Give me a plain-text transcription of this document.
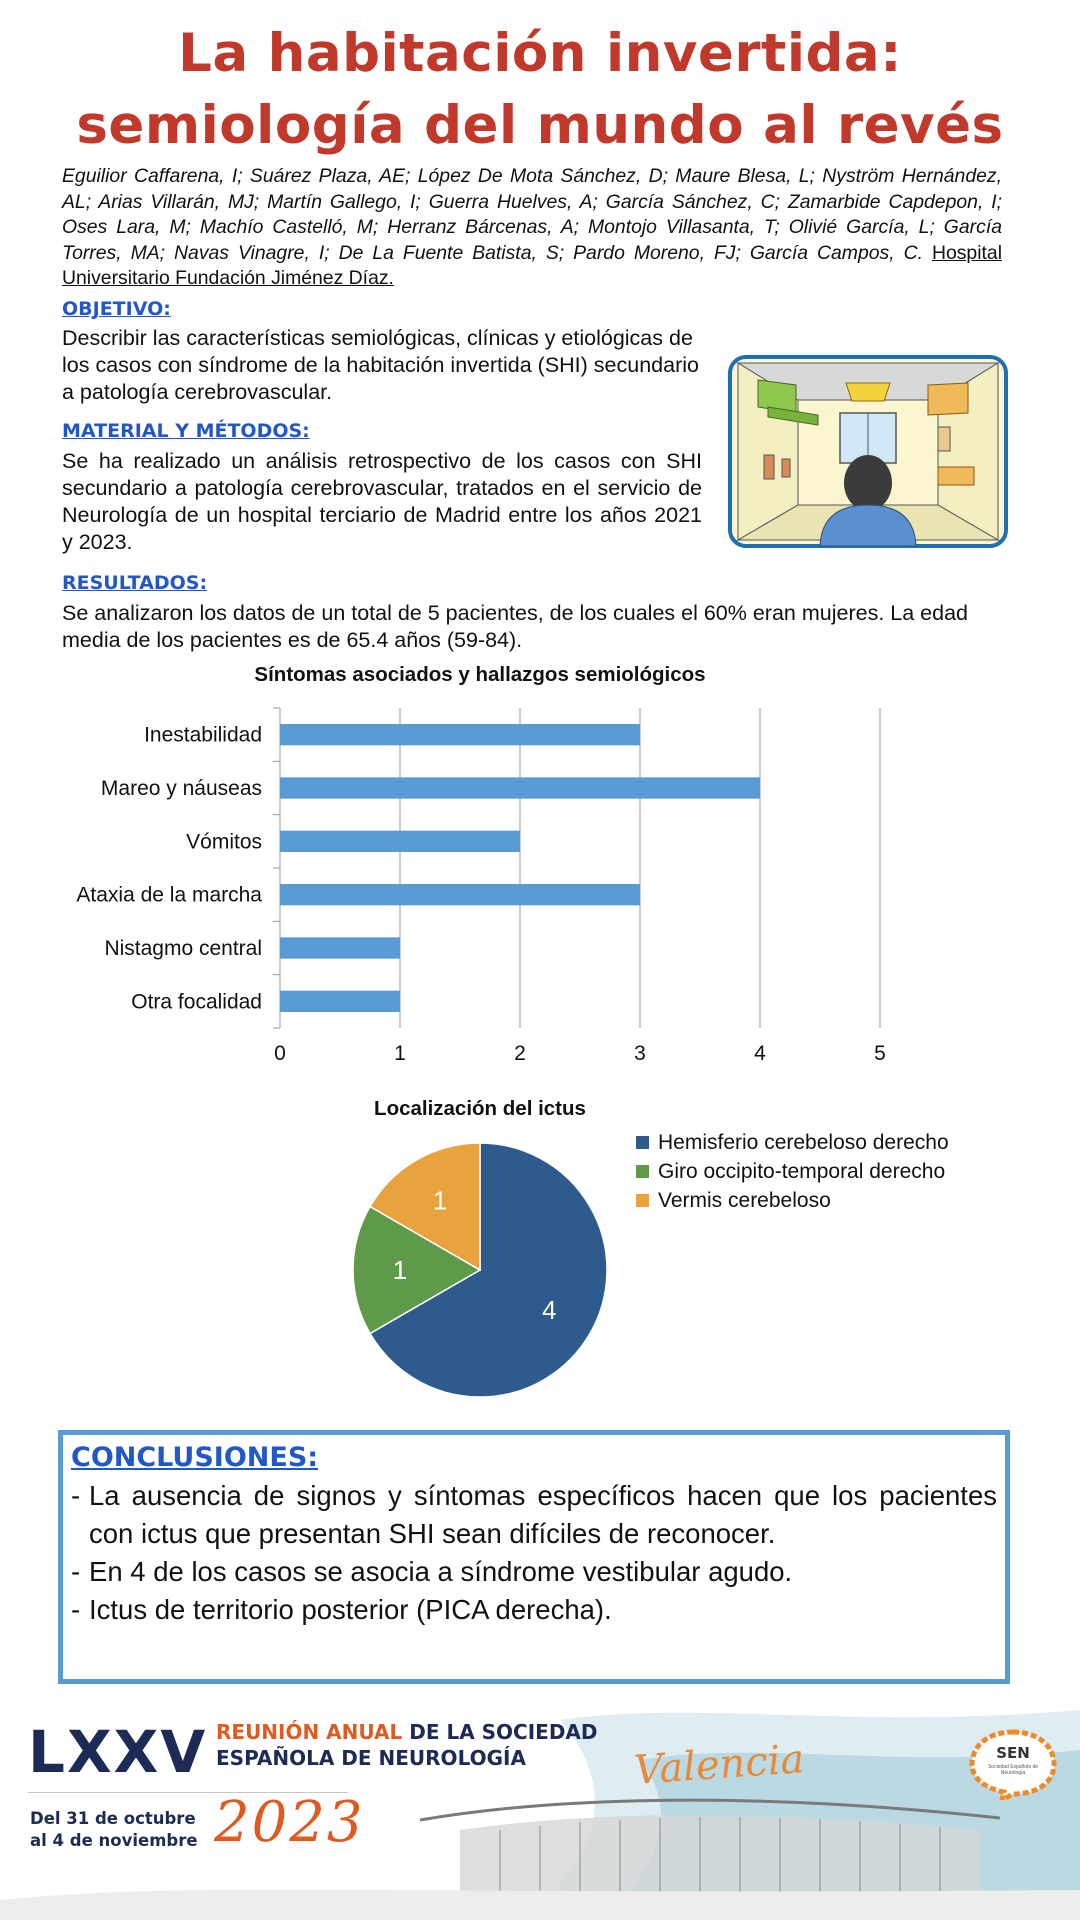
La habitación invertida:
semiología del mundo al revés
Eguilior Caffarena, I; Suárez Plaza, AE; López De Mota Sánchez, D; Maure Blesa, L; Nyström Hernández, AL; Arias Villarán, MJ; Martín Gallego, I; Guerra Huelves, A; García Sánchez, C; Zamarbide Capdepon, I; Oses Lara, M; Machío Castelló, M; Herranz Bárcenas, A; Montojo Villasanta, T; Olivié García, L; García Torres, MA; Navas Vinagre, I; De La Fuente Batista, S; Pardo Moreno, FJ; García Campos, C. Hospital Universitario Fundación Jiménez Díaz.
OBJETIVO:
Describir las características semiológicas, clínicas y etiológicas de los casos con síndrome de la habitación invertida (SHI) secundario a patología cerebrovascular.
MATERIAL Y MÉTODOS:
Se ha realizado un análisis retrospectivo de los casos con SHI secundario a patología cerebrovascular, tratados en el servicio de Neurología de un hospital terciario de Madrid entre los años 2021 y 2023.
RESULTADOS:
Se analizaron los datos de un total de 5 pacientes, de los cuales el 60% eran mujeres. La edad media de los pacientes es de 65.4 años (59-84).
Síntomas asociados y hallazgos semiológicos
0	1	2	3	4	5
Inestabilidad
Mareo y náuseas
Vómitos
Ataxia de la marcha
Nistagmo central
Otra focalidad
Localización del ictus
4
1
1
Hemisferio cerebeloso derecho
Giro occipito-temporal derecho
Vermis cerebeloso
CONCLUSIONES:
- La ausencia de signos y síntomas específicos hacen que los pacientes con ictus que presentan SHI sean difíciles de reconocer.
- En 4 de los casos se asocia a síndrome vestibular agudo.
- Ictus de territorio posterior (PICA derecha).
LXXV REUNIÓN ANUAL DE LA SOCIEDAD
ESPAÑOLA DE NEUROLOGÍA
Del 31 de octubre
al 4 de noviembre 2023
Valencia	SEN
Sociedad Española de Neurología
